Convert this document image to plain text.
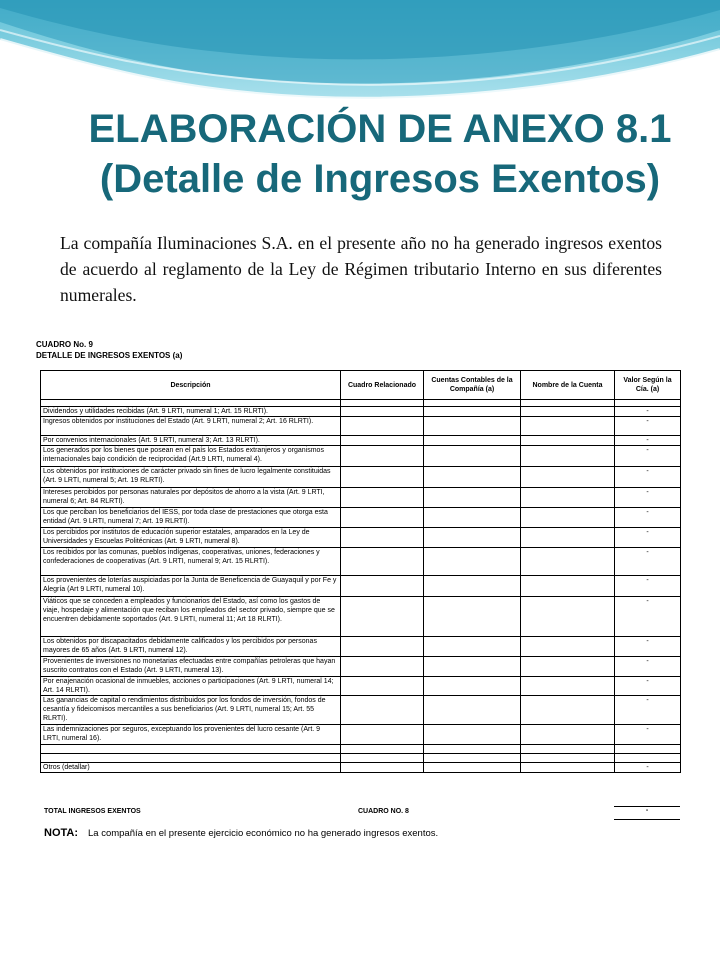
ELABORACIÓN DE ANEXO 8.1
(Detalle de Ingresos Exentos)
La compañía Iluminaciones S.A. en el presente año no ha generado ingresos exentos de acuerdo al reglamento de la Ley de Régimen tributario Interno en sus diferentes numerales.
CUADRO No. 9
DETALLE DE INGRESOS EXENTOS (a)
Descripción	Cuadro Relacionado	Cuentas Contables de la Compañía (a)	Nombre de la Cuenta	Valor Según la Cía. (a)

Dividendos y utilidades recibidas (Art. 9 LRTI, numeral 1; Art. 15 RLRTI).				-
Ingresos obtenidos por instituciones del Estado (Art. 9 LRTI, numeral 2; Art. 16 RLRTI).				-
Por convenios internacionales (Art. 9 LRTI, numeral 3; Art. 13 RLRTI).				-
Los generados por los bienes que posean en el país los Estados extranjeros y organismos internacionales bajo condición de reciprocidad (Art.9 LRTI, numeral 4).				-
Los obtenidos por instituciones de carácter privado sin fines de lucro legalmente constituidas (Art. 9 LRTI, numeral 5; Art. 19 RLRTI).				-
Intereses percibidos por personas naturales por depósitos de ahorro a la vista (Art. 9 LRTI, numeral 6; Art. 84 RLRTI).				-
Los que perciban los beneficiarios del IESS, por toda clase de prestaciones que otorga esta entidad (Art. 9 LRTI, numeral 7; Art. 19 RLRTI).				-
Los percibidos por institutos de educación superior estatales, amparados en la Ley de Universidades y Escuelas Politécnicas (Art. 9 LRTI, numeral 8).				-
Los recibidos por las comunas, pueblos indígenas, cooperativas, uniones, federaciones y confederaciones de cooperativas (Art. 9 LRTI, numeral 9; Art. 15 RLRTI).				-
Los provenientes de loterías auspiciadas por la Junta de Beneficencia de Guayaquil y por Fe y Alegría (Art 9 LRTI, numeral 10).				-
Viáticos que se conceden a empleados y funcionarios del Estado, así como los gastos de viaje, hospedaje y alimentación que reciban los empleados del sector privado, siempre que se encuentren debidamente soportados (Art. 9 LRTI, numeral 11; Art 18 RLRTI).				-
Los obtenidos por discapacitados debidamente calificados y los percibidos por personas mayores de 65 años (Art. 9 LRTI, numeral 12).				-
Provenientes de inversiones no monetarias efectuadas entre compañías petroleras que hayan suscrito contratos con el Estado (Art. 9 LRTI, numeral 13).				-
Por enajenación ocasional de inmuebles, acciones o participaciones (Art. 9 LRTI, numeral 14; Art. 14 RLRTI).				-
Las ganancias de capital o rendimientos distribuidos por los fondos de inversión, fondos de cesantía y fideicomisos mercantiles a sus beneficiarios (Art. 9 LRTI, numeral 15; Art. 55 RLRTI).				-
Las indemnizaciones por seguros, exceptuando los provenientes del lucro cesante (Art. 9 LRTI, numeral 16).				-

Otros (detallar)				-
TOTAL INGRESOS EXENTOS	CUADRO NO. 8	-
NOTA: La compañía en el presente ejercicio económico no ha generado ingresos exentos.
